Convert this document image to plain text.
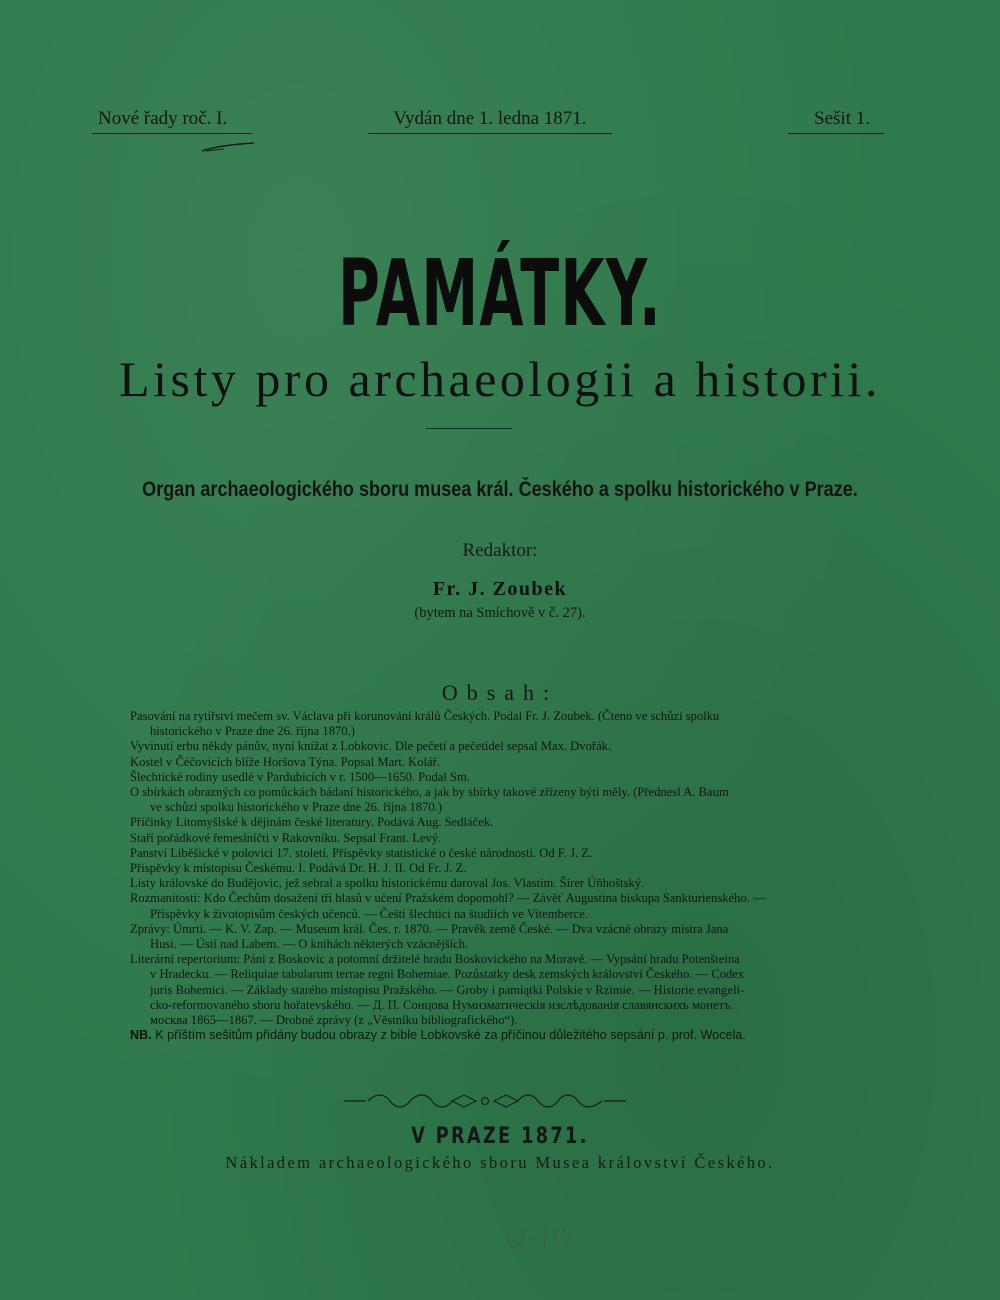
Nové řady roč. I.	Vydán dne 1. ledna 1871.	Sešit 1.
PAMÁTKY.
Listy pro archaeologii a historii.
Organ archaeologického sboru musea král. Českého a spolku historického v Praze.
Redaktor:
Fr. J. Zoubek
(bytem na Smíchově v č. 27).
Obsah:
Pasování na rytířství mečem sv. Václava při korunování králů Českých. Podal Fr. J. Zoubek. (Čteno ve schůzi spolku
historického v Praze dne 26. října 1870.)
Vyvinutí erbu někdy pánův, nyní knížat z Lobkovic. Dle pečetí a pečetidel sepsal Max. Dvořák.
Kostel v Čéčovicích blíže Horšova Týna. Popsal Mart. Kolář.
Šlechtické rodiny usedlé v Pardubicích v r. 1500—1650. Podal Sm.
O sbírkách obrazných co pomůckách bádaní historického, a jak by sbírky takové zřízeny býti měly. (Přednesl A. Baum
ve schůzi spolku historického v Praze dne 26. října 1870.)
Příčinky Litomyšlské k dějinám české literatury. Podává Aug. Sedláček.
Staří pořádkové řemeslníčti v Rakovníku. Sepsal Frant. Levý.
Panství Liběšické v polovici 17. století. Příspěvky statistické o české národnosti. Od F. J. Z.
Příspěvky k místopisu Českému. I. Podává Dr. H. J. II. Od Fr. J. Z.
Listy královské do Budějovic, jež sebral a spolku historickému daroval Jos. Vlastim. Šírer Úňhoštský.
Rozmanitosti: Kdo Čechům dosažení tří hlasů v učení Pražském dopomohl? — Závěť Augustina biskupa Sankturienského. —
Příspěvky k životopisům českých učenců. — Čeští šlechtici na študiích ve Vitemberce.
Zprávy: Úmrtí. — K. V. Zap. — Museum král. Čes. r. 1870. — Pravěk země České. — Dva vzácné obrazy mistra Jana
Husi. — Ústí nad Labem. — O knihách některých vzácnějších.
Literární repertorium: Páni z Boskovic a potomní držitelé hradu Boskovického na Moravě. — Vypsání hradu Potenšteina
v Hradecku. — Reliquiae tabularum terrae regni Bohemiae. Pozůstatky desk zemských království Českého. — Codex
juris Bohemici. — Základy starého místopisu Pražského. — Groby i pamiątki Polskie v Rzimie. — Historie evangeli-
cko-reformovaného sboru hořatevského. — Д. П. Сонцова Нумизматическiя изслѣдованiя славянскихъ монетъ.
москва 1865—1867. — Drobné zprávy (z „Věstníku bibliografického“).
NB. K příštím sešitům přidány budou obrazy z bible Lobkovské za příčinou důležitého sepsání p. prof. Wocela.
V PRAZE 1871.
Nákladem archaeologického sboru Musea království Českého.
